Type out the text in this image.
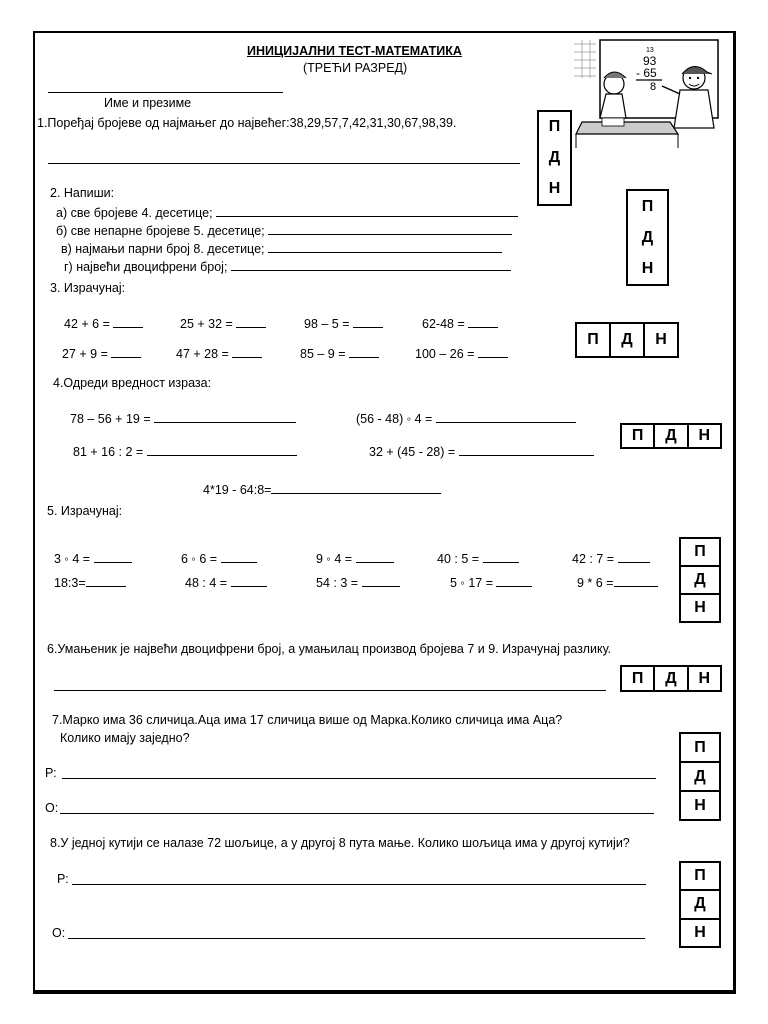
ИНИЦИЈАЛНИ ТЕСТ-МАТЕМАТИКА
(ТРЕЋИ РАЗРЕД)
Име и презиме
13
93
- 65
8
1.Поређај бројеве од најмањег до највећег:38,29,57,7,42,31,30,67,98,39.	П
Д
Н
2. Напиши:
а) све бројеве 4. десетице;
б) све непарне бројеве 5. десетице;
в) најмањи парни број 8. десетице;
г) највећи двоцифрени број;
П
Д
Н
3. Израчунај:
42 + 6 =	25 + 32 =	98 – 5 =	62-48 =
27 + 9 =	47 + 28 =	85 – 9 =	100 – 26 =
П	Д	Н
4.Одреди вредност израза:
78 – 56 + 19 =	(56 - 48) ◦ 4 =
81 + 16 : 2 =	32 + (45 - 28) =
4*19 - 64:8=
П	Д	Н
5. Израчунај:
3 ◦ 4 =	6 ◦ 6 =	9 ◦ 4 =	40 : 5 =	42 : 7 =
18:3=	48 : 4 =	54 : 3 =	5 ◦ 17 =	9 * 6 =
П
Д
Н
6.Умањеник је највећи двоцифрени број, а умањилац производ бројева 7 и 9. Израчунај разлику.
П	Д	Н
7.Марко има 36 сличица.Аца има 17 сличица више од Марка.Колико сличица има Аца?
Колико имају заједно?
Р:
О:
П
Д
Н
8.У једној кутији се налазе 72 шољице, а у другој 8 пута мање. Колико шољица има у другој кутији?
Р:
О:
П
Д
Н
